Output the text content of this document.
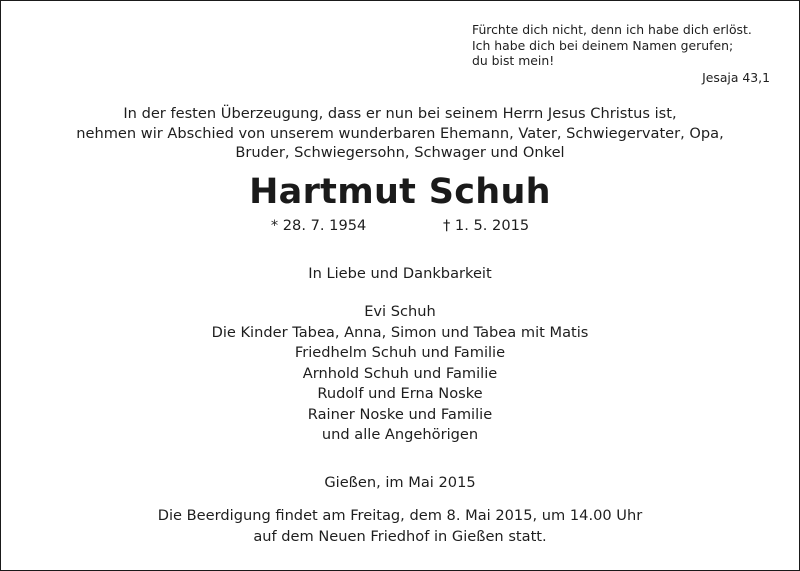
Fürchte dich nicht, denn ich habe dich erlöst.
Ich habe dich bei deinem Namen gerufen;
du bist mein!
Jesaja 43,1
In der festen Überzeugung, dass er nun bei seinem Herrn Jesus Christus ist,
nehmen wir Abschied von unserem wunderbaren Ehemann, Vater, Schwiegervater, Opa,
Bruder, Schwiegersohn, Schwager und Onkel
Hartmut Schuh
* 28. 7. 1954	† 1. 5. 2015
In Liebe und Dankbarkeit
Evi Schuh
Die Kinder Tabea, Anna, Simon und Tabea mit Matis
Friedhelm Schuh und Familie
Arnhold Schuh und Familie
Rudolf und Erna Noske
Rainer Noske und Familie
und alle Angehörigen
Gießen, im Mai 2015
Die Beerdigung findet am Freitag, dem 8. Mai 2015, um 14.00 Uhr
auf dem Neuen Friedhof in Gießen statt.
